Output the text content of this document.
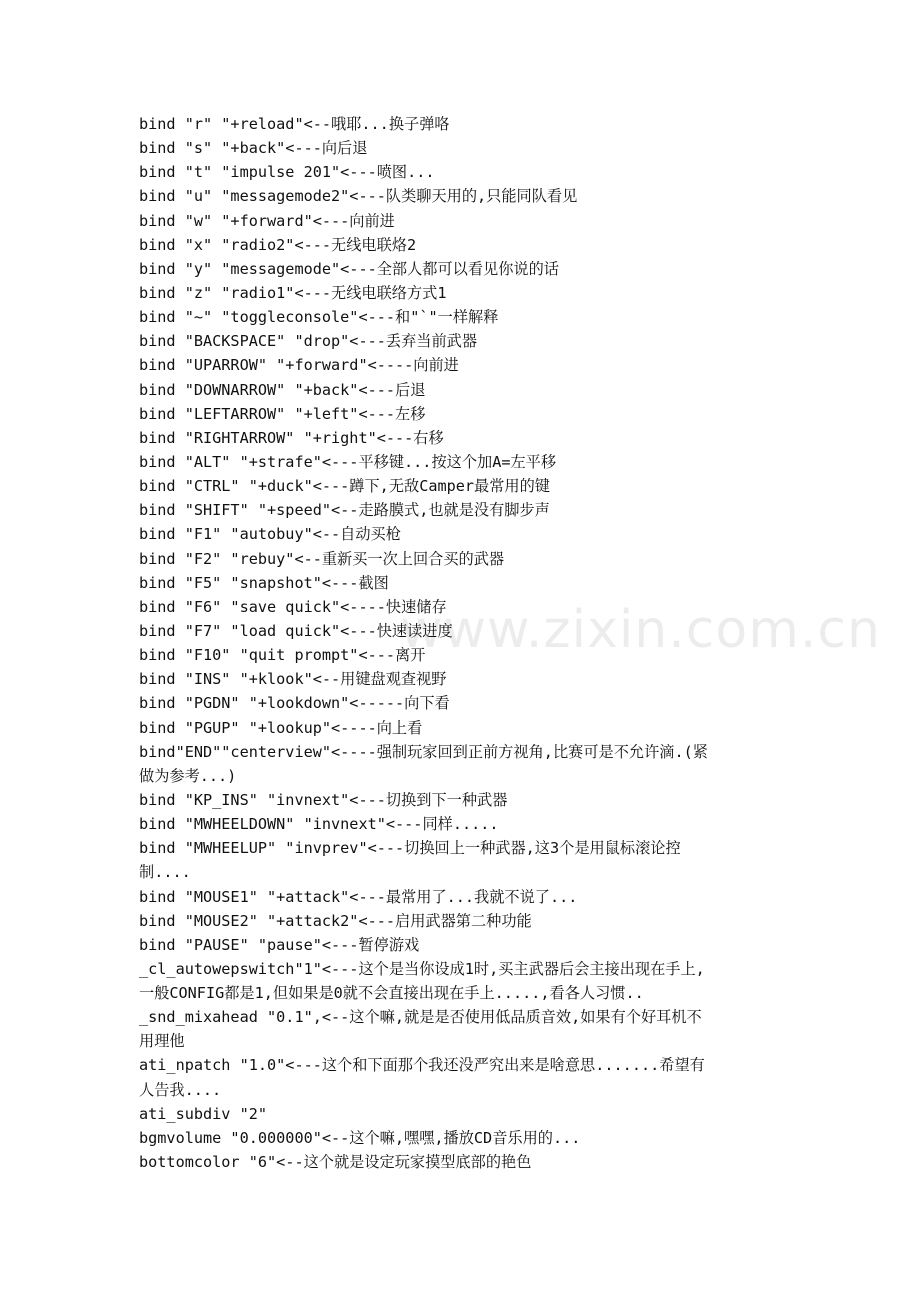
www.zixin.com.cn
bind "r" "+reload"<--哦耶...换子弹咯
bind "s" "+back"<---向后退
bind "t" "impulse 201"<---喷图...
bind "u" "messagemode2"<---队类聊天用的,只能同队看见
bind "w" "+forward"<---向前进
bind "x" "radio2"<---无线电联烙2
bind "y" "messagemode"<---全部人都可以看见你说的话
bind "z" "radio1"<---无线电联络方式1
bind "~" "toggleconsole"<---和"`"一样解释
bind "BACKSPACE" "drop"<---丢弃当前武器
bind "UPARROW" "+forward"<----向前进
bind "DOWNARROW" "+back"<---后退
bind "LEFTARROW" "+left"<---左移
bind "RIGHTARROW" "+right"<---右移
bind "ALT" "+strafe"<---平移键...按这个加A=左平移
bind "CTRL" "+duck"<---蹲下,无敌Camper最常用的键
bind "SHIFT" "+speed"<--走路膜式,也就是没有脚步声
bind "F1" "autobuy"<--自动买枪
bind "F2" "rebuy"<--重新买一次上回合买的武器
bind "F5" "snapshot"<---截图
bind "F6" "save quick"<----快速储存
bind "F7" "load quick"<---快速读进度
bind "F10" "quit prompt"<---离开
bind "INS" "+klook"<--用键盘观查视野
bind "PGDN" "+lookdown"<-----向下看
bind "PGUP" "+lookup"<----向上看
bind"END""centerview"<----强制玩家回到正前方视角,比赛可是不允许滴.(紧
做为参考...)
bind "KP_INS" "invnext"<---切换到下一种武器
bind "MWHEELDOWN" "invnext"<---同样.....
bind "MWHEELUP" "invprev"<---切换回上一种武器,这3个是用鼠标滚论控
制....
bind "MOUSE1" "+attack"<---最常用了...我就不说了...
bind "MOUSE2" "+attack2"<---启用武器第二种功能
bind "PAUSE" "pause"<---暂停游戏
_cl_autowepswitch"1"<---这个是当你设成1时,买主武器后会主接出现在手上,
一般CONFIG都是1,但如果是0就不会直接出现在手上.....,看各人习惯..
_snd_mixahead "0.1",<--这个嘛,就是是否使用低品质音效,如果有个好耳机不
用理他
ati_npatch "1.0"<---这个和下面那个我还没严究出来是啥意思.......希望有
人告我....
ati_subdiv "2"
bgmvolume "0.000000"<--这个嘛,嘿嘿,播放CD音乐用的...
bottomcolor "6"<--这个就是设定玩家摸型底部的艳色
